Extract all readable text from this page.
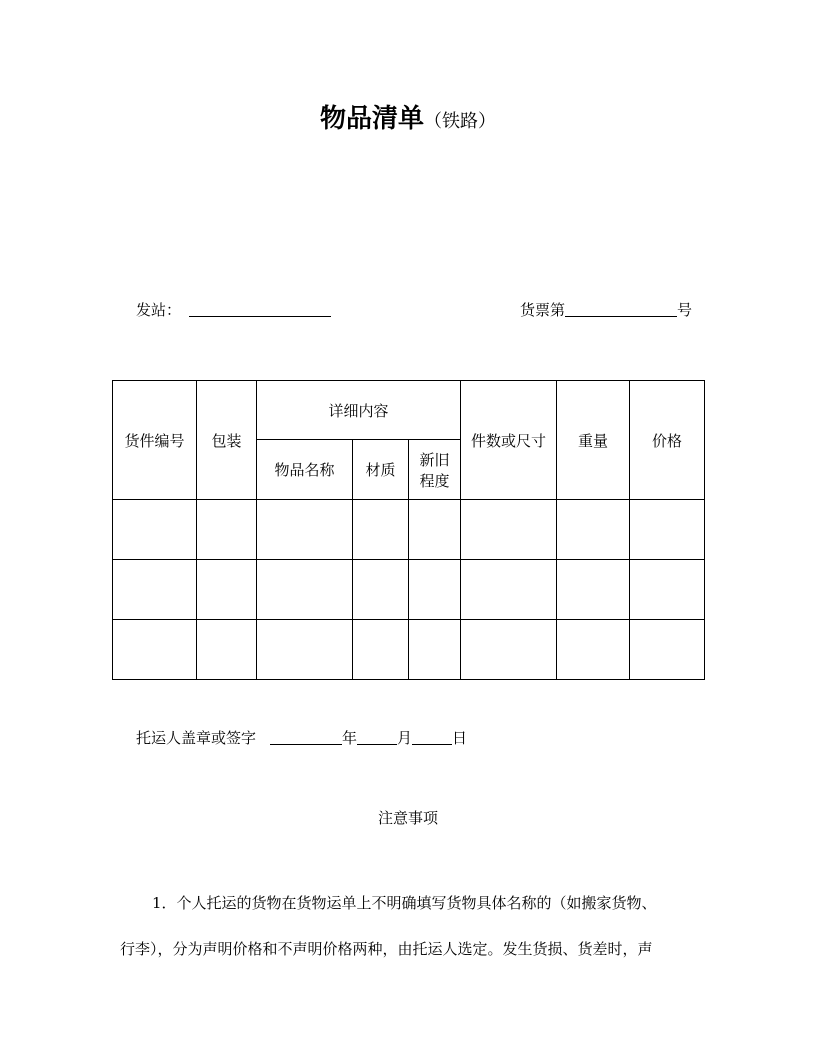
物品清单（铁路）
发站：	货票第	号
货件编号	包装	详细内容			件数或尺寸	重量	价格
		物品名称	材质	新旧
程度			

托运人盖章或签字	年	月	日
注意事项
1．个人托运的货物在货物运单上不明确填写货物具体名称的（如搬家货物、
行李），分为声明价格和不声明价格两种，由托运人选定。发生货损、货差时，声
